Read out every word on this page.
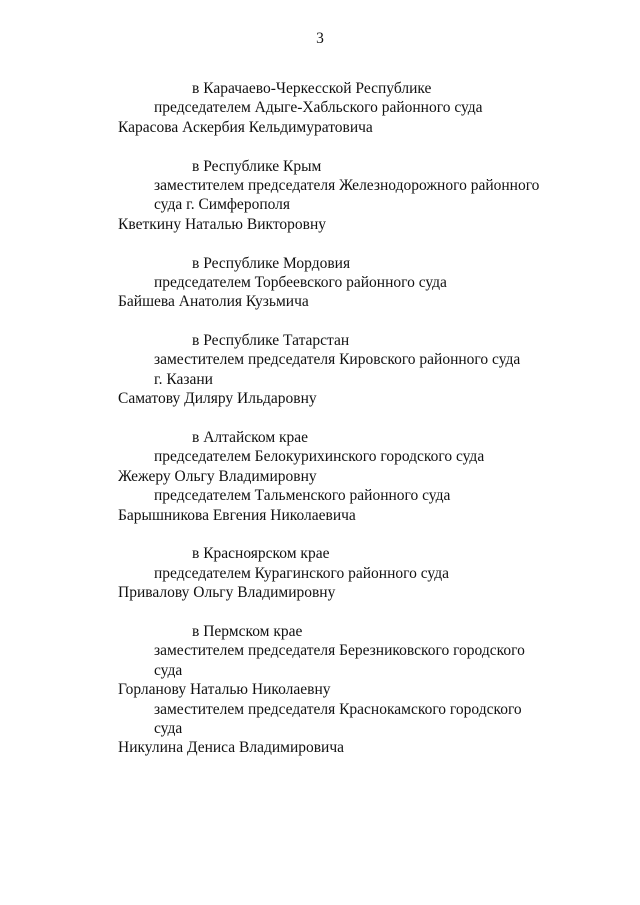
3
в Карачаево-Черкесской Республике
председателем Адыге-Хабльского районного суда
Карасова Аскербия Кельдимуратовича
в Республике Крым
заместителем председателя Железнодорожного районного
суда г. Симферополя
Кветкину Наталью Викторовну
в Республике Мордовия
председателем Торбеевского районного суда
Байшева Анатолия Кузьмича
в Республике Татарстан
заместителем председателя Кировского районного суда
г. Казани
Саматову Диляру Ильдаровну
в Алтайском крае
председателем Белокурихинского городского суда
Жежеру Ольгу Владимировну
председателем Тальменского районного суда
Барышникова Евгения Николаевича
в Красноярском крае
председателем Курагинского районного суда
Привалову Ольгу Владимировну
в Пермском крае
заместителем председателя Березниковского городского
суда
Горланову Наталью Николаевну
заместителем председателя Краснокамского городского
суда
Никулина Дениса Владимировича
